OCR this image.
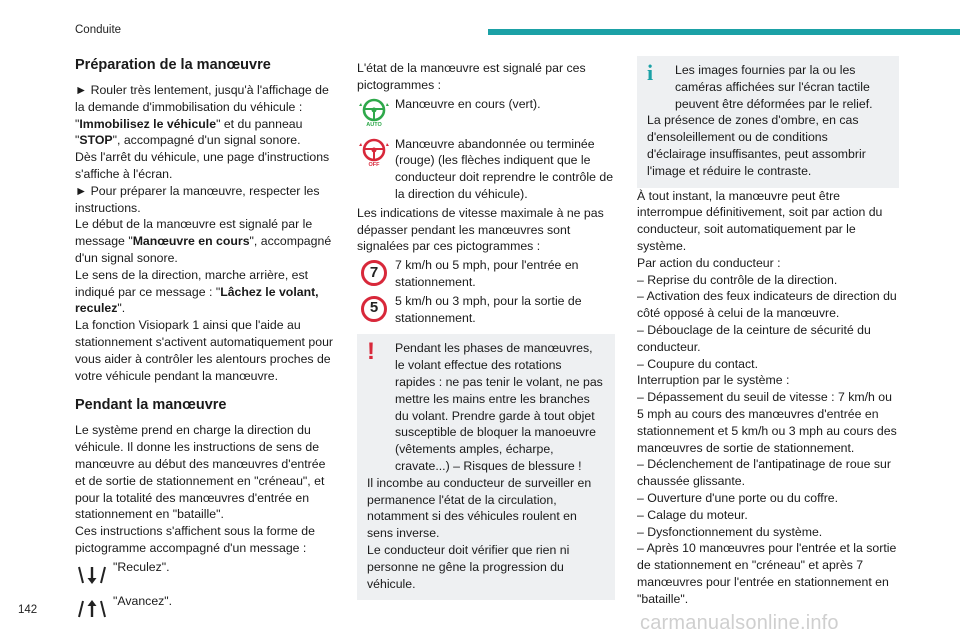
Conduite
Préparation de la manœuvre

► Rouler très lentement, jusqu'à l'affichage de la demande d'immobilisation du véhicule : "Immobilisez le véhicule" et du panneau "STOP", accompagné d'un signal sonore.

Dès l'arrêt du véhicule, une page d'instructions s'affiche à l'écran.

► Pour préparer la manœuvre, respecter les instructions.

Le début de la manœuvre est signalé par le message "Manœuvre en cours", accompagné d'un signal sonore.

Le sens de la direction, marche arrière, est indiqué par ce message : "Lâchez le volant, reculez".

La fonction Visiopark 1 ainsi que l'aide au stationnement s'activent automatiquement pour vous aider à contrôler les alentours proches de votre véhicule pendant la manœuvre.

Pendant la manœuvre

Le système prend en charge la direction du véhicule. Il donne les instructions de sens de manœuvre au début des manœuvres d'entrée et de sortie de stationnement en "créneau", et pour la totalité des manœuvres d'entrée en stationnement en "bataille".

Ces instructions s'affichent sous la forme de pictogramme accompagné d'un message :

"Reculez".
"Avancez".

L'état de la manœuvre est signalé par ces pictogrammes :

AUTO
Manœuvre en cours (vert).
OFF
Manœuvre abandonnée ou terminée (rouge) (les flèches indiquent que le conducteur doit reprendre le contrôle de la direction du véhicule).

Les indications de vitesse maximale à ne pas dépasser pendant les manœuvres sont signalées par ces pictogrammes :

7	7 km/h ou 5 mph, pour l'entrée en stationnement.
5	5 km/h ou 3 mph, pour la sortie de stationnement.
!	Pendant les phases de manœuvres, le volant effectue des rotations rapides : ne pas tenir le volant, ne pas mettre les mains entre les branches du volant. Prendre garde à tout objet susceptible de bloquer la manoeuvre (vêtements amples, écharpe, cravate...) – Risques de blessure !

Il incombe au conducteur de surveiller en permanence l'état de la circulation, notamment si des véhicules roulent en sens inverse.

Le conducteur doit vérifier que rien ni personne ne gêne la progression du véhicule.

i	Les images fournies par la ou les caméras affichées sur l'écran tactile peuvent être déformées par le relief.

La présence de zones d'ombre, en cas d'ensoleillement ou de conditions d'éclairage insuffisantes, peut assombrir l'image et réduire le contraste.

À tout instant, la manœuvre peut être interrompue définitivement, soit par action du conducteur, soit automatiquement par le système.

Par action du conducteur :

– Reprise du contrôle de la direction.

– Activation des feux indicateurs de direction du côté opposé à celui de la manœuvre.

– Débouclage de la ceinture de sécurité du conducteur.

– Coupure du contact.

Interruption par le système :

– Dépassement du seuil de vitesse : 7 km/h ou 5 mph au cours des manœuvres d'entrée en stationnement et 5 km/h ou 3 mph au cours des manœuvres de sortie de stationnement.

– Déclenchement de l'antipatinage de roue sur chaussée glissante.

– Ouverture d'une porte ou du coffre.

– Calage du moteur.

– Dysfonctionnement du système.

– Après 10 manœuvres pour l'entrée et la sortie de stationnement en "créneau" et après 7 manœuvres pour l'entrée en stationnement en "bataille".

142
carmanualsonline.info
